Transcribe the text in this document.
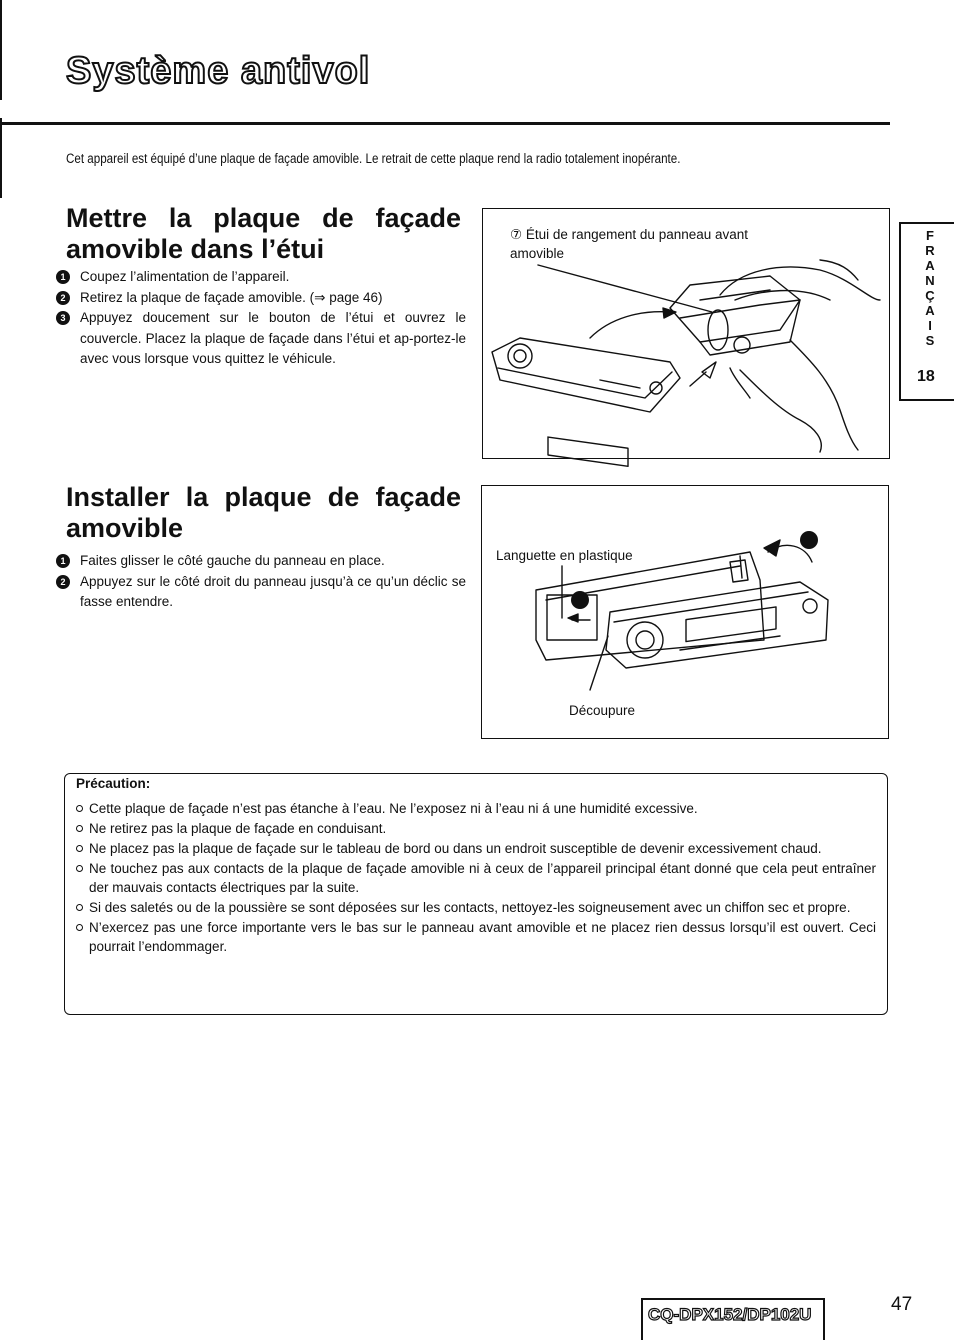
Système antivol
Cet appareil est équipé d’une plaque de façade amovible. Le retrait de cette plaque rend la radio totalement inopérante.
Mettre la plaque de façade amovible dans l’étui
1	Coupez l’alimentation de l’appareil.
2	Retirez la plaque de façade amovible. (⇒ page 46)
3	Appuyez doucement sur le bouton de l’étui et ouvrez le couvercle. Placez la plaque de façade dans l’étui et ap-portez-le avec vous lorsque vous quittez le véhicule.
⑦ Étui de rangement du panneau avant amovible
Installer la plaque de façade amovible
1	Faites glisser le côté gauche du panneau en place.
2	Appuyez sur le côté droit du panneau jusqu’à ce qu’un déclic se fasse entendre.
Languette en plastique
Découpure
F
R
A
N
Ç
A
I
S
18
Précaution:
Cette plaque de façade n’est pas étanche à l’eau. Ne l’exposez ni à l’eau ni á une humidité excessive.
Ne retirez pas la plaque de façade en conduisant.
Ne placez pas la plaque de façade sur le tableau de bord ou dans un endroit susceptible de devenir excessivement chaud.
Ne touchez pas aux contacts de la plaque de façade amovible ni à ceux de l’appareil principal étant donné que cela peut entraîner der mauvais contacts électriques par la suite.
Si des saletés ou de la poussière se sont déposées sur les contacts, nettoyez-les soigneusement avec un chiffon sec et propre.
N’exercez pas une force importante vers le bas sur le panneau avant amovible et ne placez rien dessus lorsqu’il est ouvert. Ceci pourrait l’endommager.
CQ-DPX152/DP102U	47
